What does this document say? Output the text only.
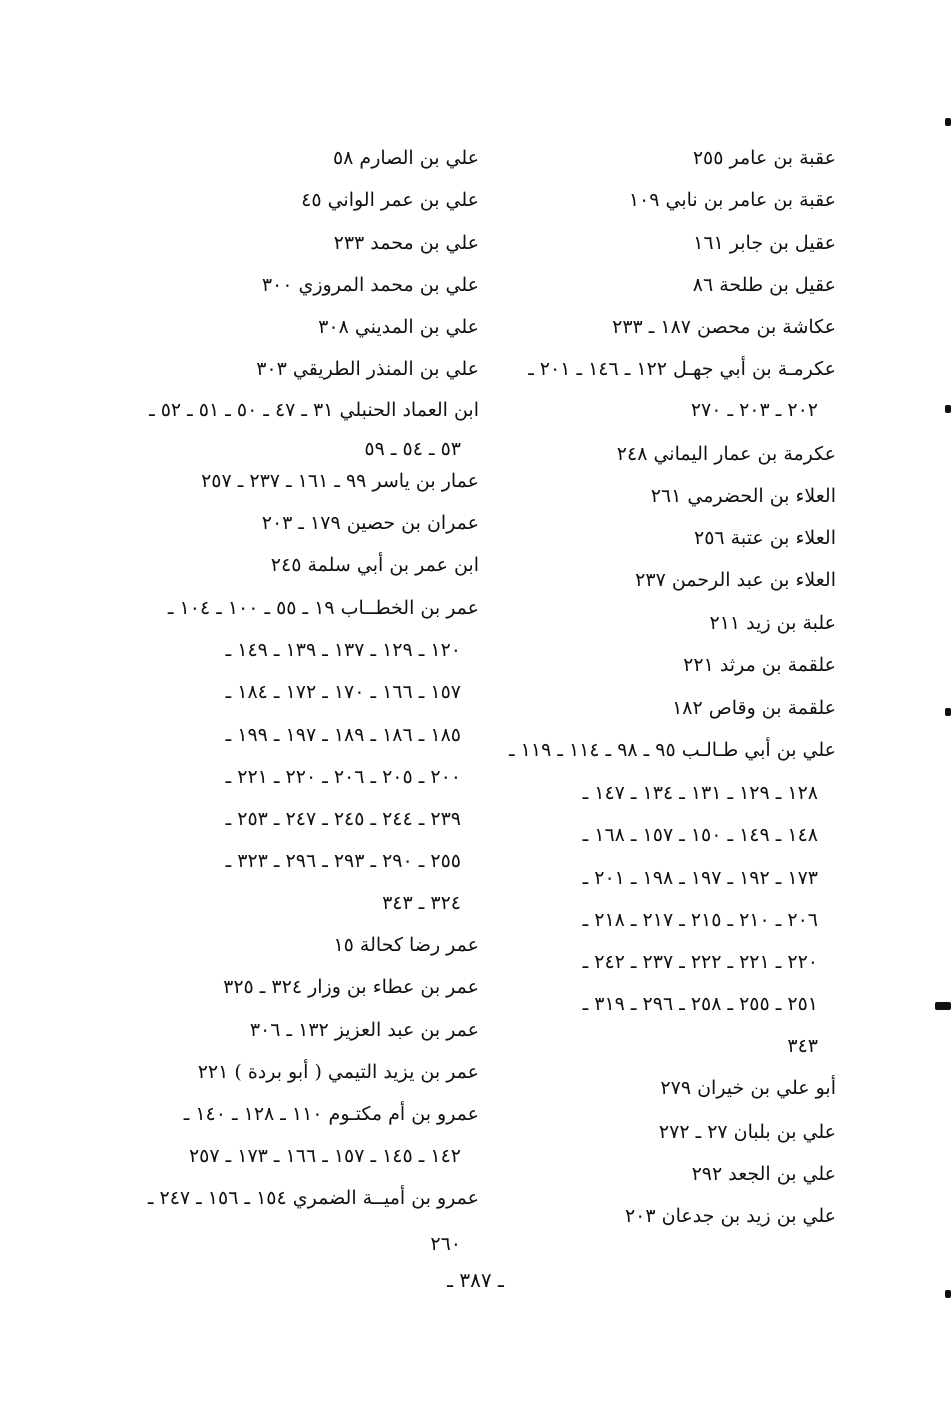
عقبة بن عامر ٢٥٥
عقبة بن عامر بن نابي ١٠٩
عقيل بن جابر ١٦١
عقيل بن طلحة ٨٦
عكاشة بن محصن ١٨٧ ـ ٢٣٣
عكرمـة بن أبي جهـل ١٢٢ ـ ١٤٦ ـ ٢٠١ ـ
٢٠٢ ـ ٢٠٣ ـ ٢٧٠
عكرمة بن عمار اليماني ٢٤٨
العلاء بن الحضرمي ٢٦١
العلاء بن عتبة ٢٥٦
العلاء بن عبد الرحمن ٢٣٧
علبة بن زيد ٢١١
علقمة بن مرثد ٢٢١
علقمة بن وقاص ١٨٢
علي بن أبي طـالـب ٩٥ ـ ٩٨ ـ ١١٤ ـ ١١٩ ـ
١٢٨ ـ ١٢٩ ـ ١٣١ ـ ١٣٤ ـ ١٤٧ ـ
١٤٨ ـ ١٤٩ ـ ١٥٠ ـ ١٥٧ ـ ١٦٨ ـ
١٧٣ ـ ١٩٢ ـ ١٩٧ ـ ١٩٨ ـ ٢٠١ ـ
٢٠٦ ـ ٢١٠ ـ ٢١٥ ـ ٢١٧ ـ ٢١٨ ـ
٢٢٠ ـ ٢٢١ ـ ٢٢٢ ـ ٢٣٧ ـ ٢٤٢ ـ
٢٥١ ـ ٢٥٥ ـ ٢٥٨ ـ ٢٩٦ ـ ٣١٩ ـ
٣٤٣
أبو علي بن خيران ٢٧٩
علي بن بلبان ٢٧ ـ ٢٧٢
علي بن الجعد ٢٩٢
علي بن زيد بن جدعان ٢٠٣
علي بن الصارم ٥٨
علي بن عمر الواني ٤٥
علي بن محمد ٢٣٣
علي بن محمد المروزي ٣٠٠
علي بن المديني ٣٠٨
علي بن المنذر الطريقي ٣٠٣
ابن العماد الحنبلي ٣١ ـ ٤٧ ـ ٥٠ ـ ٥١ ـ ٥٢ ـ
٥٣ ـ ٥٤ ـ ٥٩
عمار بن ياسر ٩٩ ـ ١٦١ ـ ٢٣٧ ـ ٢٥٧
عمران بن حصين ١٧٩ ـ ٢٠٣
ابن عمر بن أبي سلمة ٢٤٥
عمر بن الخطــاب ١٩ ـ ٥٥ ـ ١٠٠ ـ ١٠٤ ـ
١٢٠ ـ ١٢٩ ـ ١٣٧ ـ ١٣٩ ـ ١٤٩ ـ
١٥٧ ـ ١٦٦ ـ ١٧٠ ـ ١٧٢ ـ ١٨٤ ـ
١٨٥ ـ ١٨٦ ـ ١٨٩ ـ ١٩٧ ـ ١٩٩ ـ
٢٠٠ ـ ٢٠٥ ـ ٢٠٦ ـ ٢٢٠ ـ ٢٢١ ـ
٢٣٩ ـ ٢٤٤ ـ ٢٤٥ ـ ٢٤٧ ـ ٢٥٣ ـ
٢٥٥ ـ ٢٩٠ ـ ٢٩٣ ـ ٢٩٦ ـ ٣٢٣ ـ
٣٢٤ ـ ٣٤٣
عمر رضا كحالة ١٥
عمر بن عطاء بن وزار ٣٢٤ ـ ٣٢٥
عمر بن عبد العزيز ١٣٢ ـ ٣٠٦
عمر بن يزيد التيمي ( أبو بردة ) ٢٢١
عمرو بن أم مكتـوم ١١٠ ـ ١٢٨ ـ ١٤٠ ـ
١٤٢ ـ ١٤٥ ـ ١٥٧ ـ ١٦٦ ـ ١٧٣ ـ ٢٥٧
عمرو بن أميــة الضمري ١٥٤ ـ ١٥٦ ـ ٢٤٧ ـ
٢٦٠
ـ ٣٨٧ ـ
